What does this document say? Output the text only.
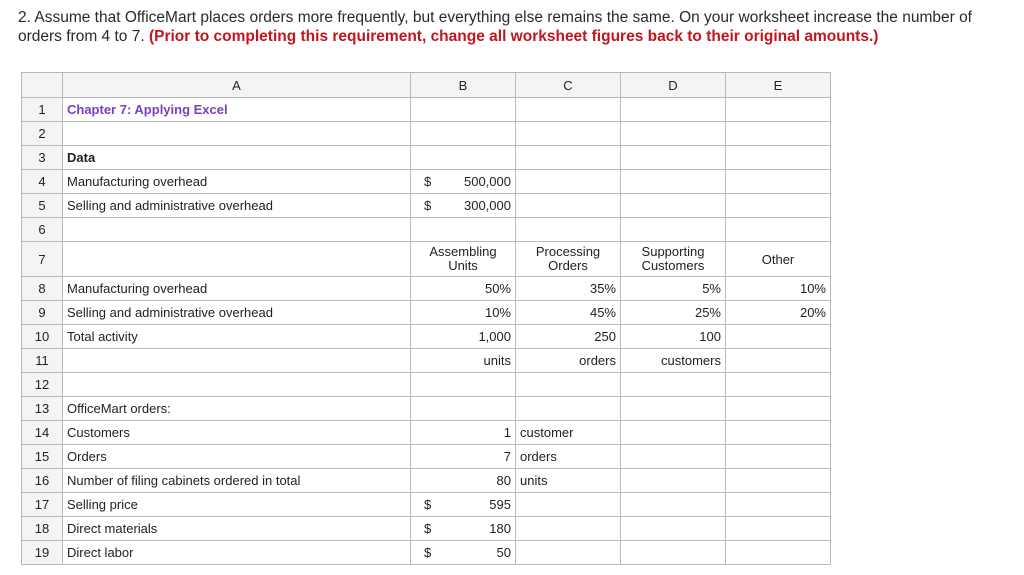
2. Assume that OfficeMart places orders more frequently, but everything else remains the same. On your worksheet increase the number of orders from 4 to 7. (Prior to completing this requirement, change all worksheet figures back to their original amounts.)
	A	B	C	D	E
1	Chapter 7: Applying Excel				
2					
3	Data				
4	Manufacturing overhead	$ 500,000			

5	Selling and administrative overhead	$ 300,000			

6					
7		Assembling Units	Processing Orders	Supporting Customers	Other
8	Manufacturing overhead	50%	35%	5%	10%
9	Selling and administrative overhead	10%	45%	25%	20%
10	Total activity	1,000	250	100	
11		units	orders	customers	
12					
13	OfficeMart orders:				
14	Customers	1	customer		
15	Orders	7	orders		
16	Number of filing cabinets ordered in total	80	units		
17	Selling price	$ 595			

18	Direct materials	$ 180			

19	Direct labor	$ 50			
